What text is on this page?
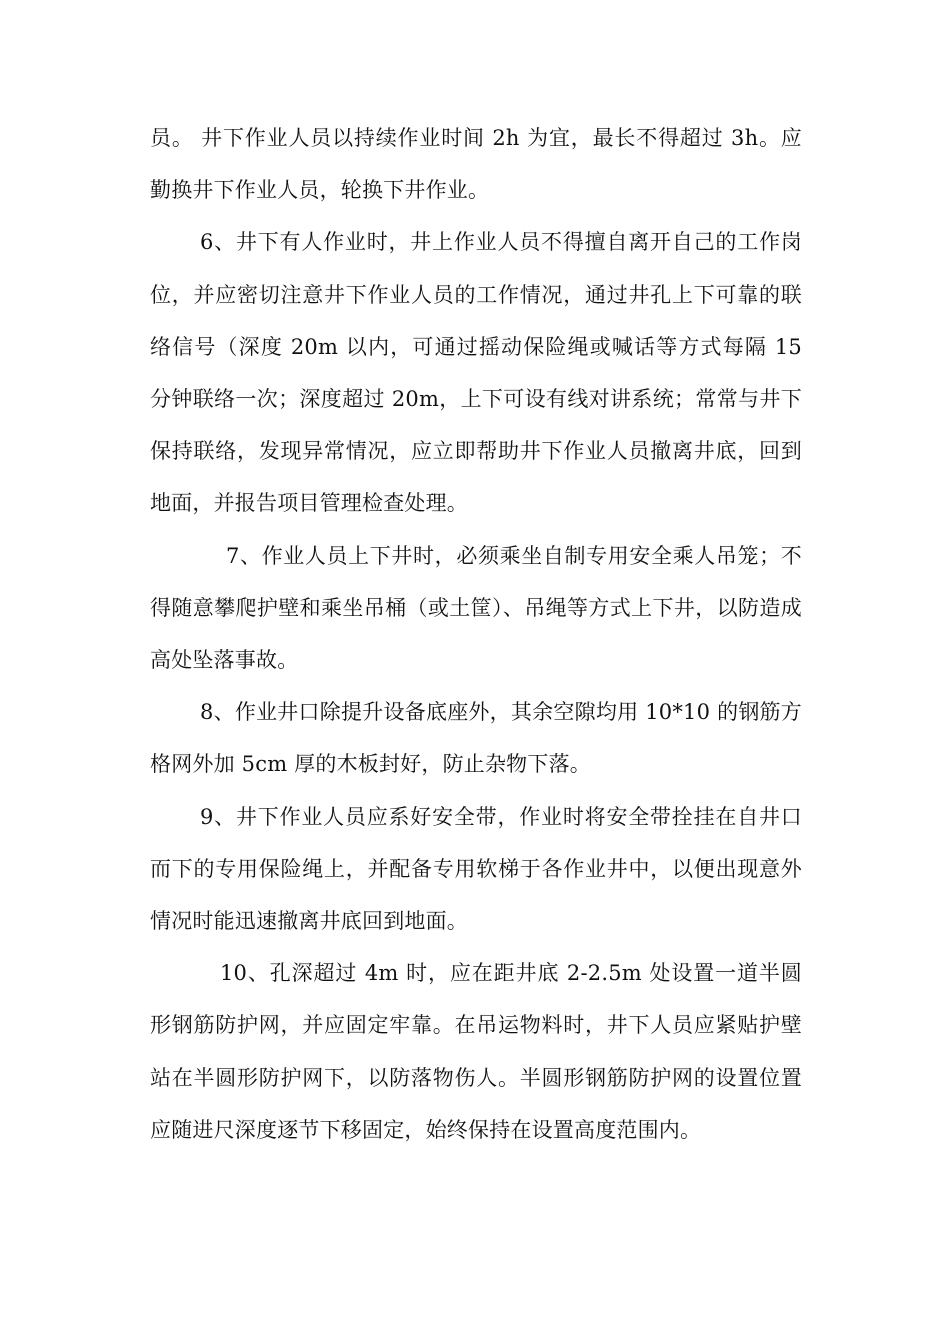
员。 井下作业人员以持续作业时间 2h 为宜，最长不得超过 3h。应勤换井下作业人员，轮换下井作业。

6、井下有人作业时，井上作业人员不得擅自离开自己的工作岗位，并应密切注意井下作业人员的工作情况，通过井孔上下可靠的联络信号（深度 20m 以内，可通过摇动保险绳或喊话等方式每隔 15 分钟联络一次；深度超过 20m，上下可设有线对讲系统；常常与井下保持联络，发现异常情况，应立即帮助井下作业人员撤离井底，回到地面，并报告项目管理检查处理。

7、作业人员上下井时，必须乘坐自制专用安全乘人吊笼；不得随意攀爬护壁和乘坐吊桶（或土筐）、吊绳等方式上下井，以防造成高处坠落事故。

8、作业井口除提升设备底座外，其余空隙均用 10*10 的钢筋方格网外加 5cm 厚的木板封好，防止杂物下落。

9、井下作业人员应系好安全带，作业时将安全带拴挂在自井口而下的专用保险绳上，并配备专用软梯于各作业井中，以便出现意外情况时能迅速撤离井底回到地面。

10、孔深超过 4m 时，应在距井底 2-2.5m 处设置一道半圆形钢筋防护网，并应固定牢靠。在吊运物料时，井下人员应紧贴护壁站在半圆形防护网下，以防落物伤人。半圆形钢筋防护网的设置位置应随进尺深度逐节下移固定，始终保持在设置高度范围内。
